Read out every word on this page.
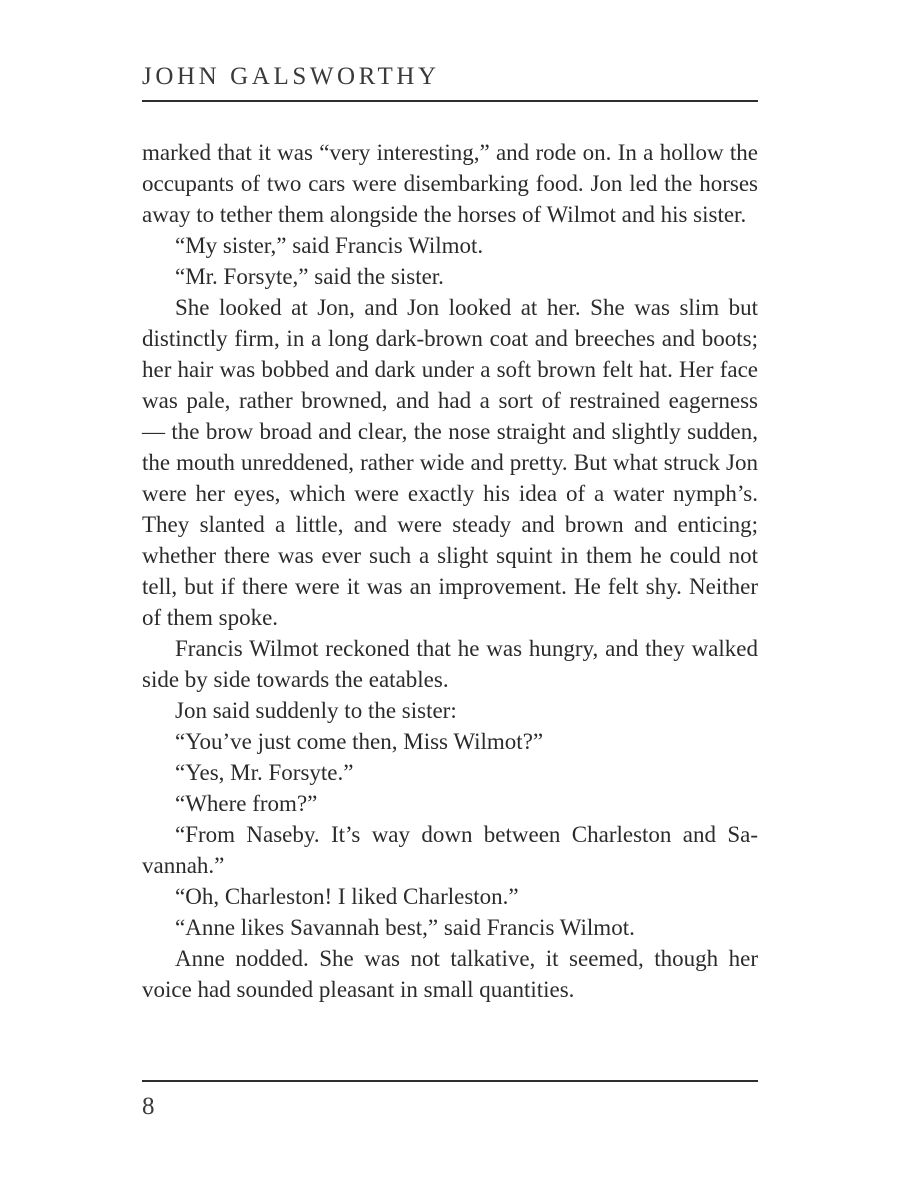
JOHN GALSWORTHY

marked that it was “very interesting,” and rode on. In a hollow the occupants of two cars were disembarking food. Jon led the horses away to tether them alongside the horses of Wilmot and his sister.

“My sister,” said Francis Wilmot.

“Mr. Forsyte,” said the sister.

She looked at Jon, and Jon looked at her. She was slim but distinctly firm, in a long dark-brown coat and breeches and boots; her hair was bobbed and dark under a soft brown felt hat. Her face was pale, rather browned, and had a sort of restrained eagerness — the brow broad and clear, the nose straight and slightly sudden, the mouth unreddened, rather wide and pretty. But what struck Jon were her eyes, which were exactly his idea of a water nymph’s. They slanted a little, and were steady and brown and enticing; whether there was ever such a slight squint in them he could not tell, but if there were it was an improvement. He felt shy. Neither of them spoke.

Francis Wilmot reckoned that he was hungry, and they walked side by side towards the eatables.

Jon said suddenly to the sister:

“You’ve just come then, Miss Wilmot?”

“Yes, Mr. Forsyte.”

“Where from?”

“From Naseby. It’s way down between Charleston and Savannah.”

“Oh, Charleston! I liked Charleston.”

“Anne likes Savannah best,” said Francis Wilmot.

Anne nodded. She was not talkative, it seemed, though her voice had sounded pleasant in small quantities.

8
